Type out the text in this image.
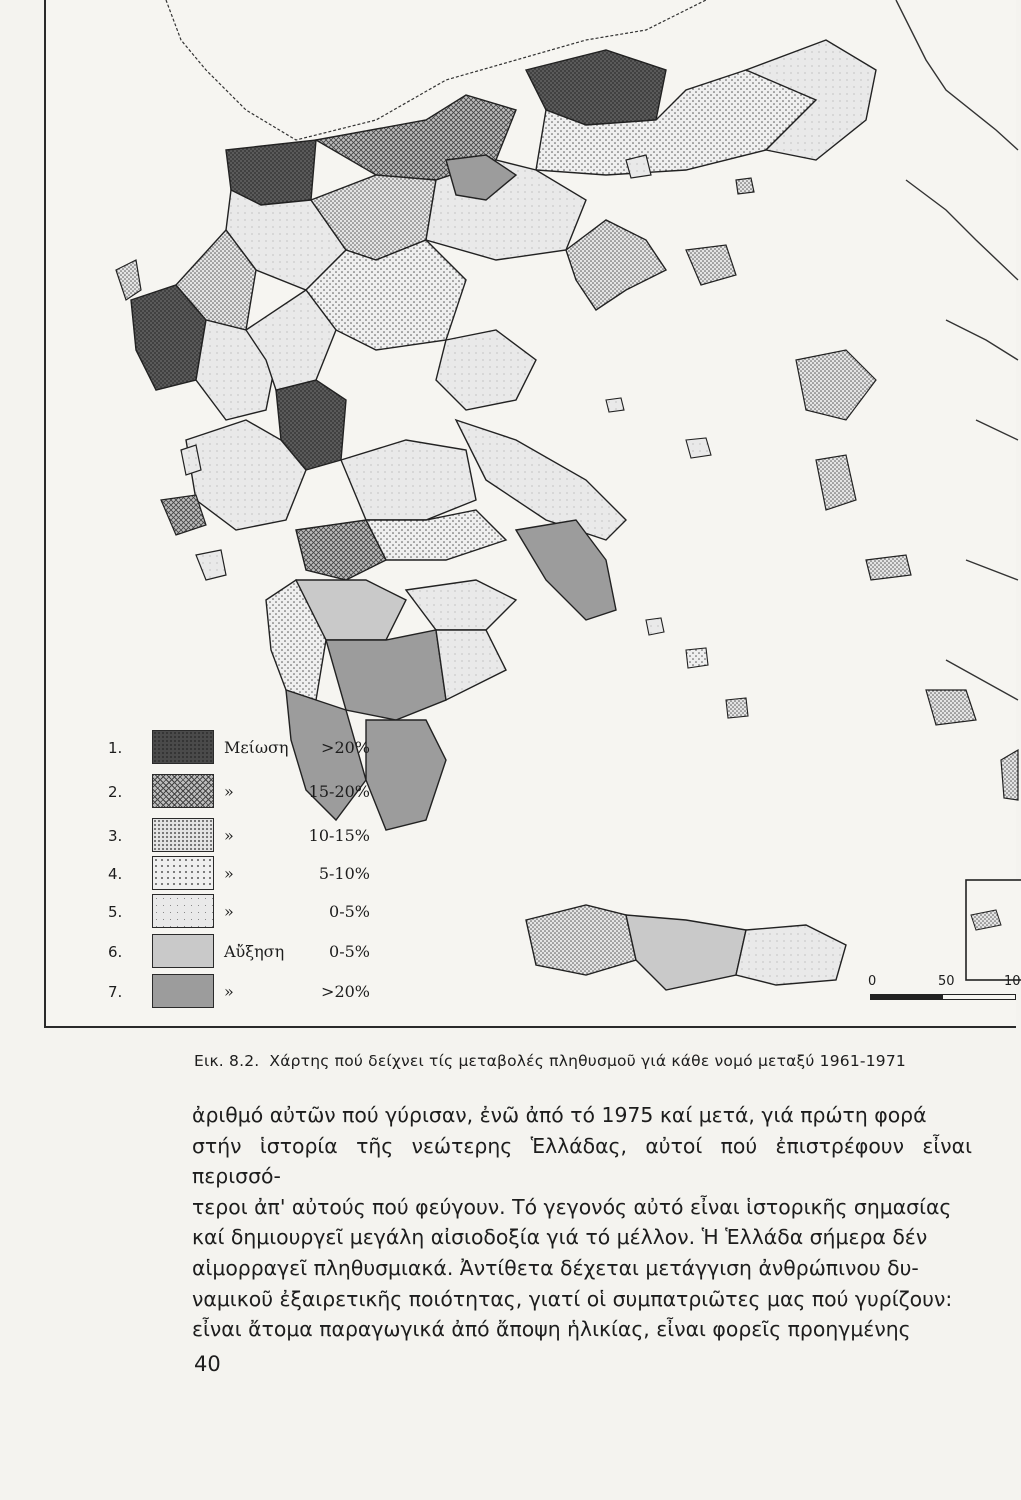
1.	Μείωση	>20%
2.	»	15-20%
3.	»	10-15%
4.	»	5-10%
5.	»	0-5%
6.	Αὔξηση	0-5%
7.	»	>20%
0	50	10
Εικ. 8.2. Χάρτης πού δείχνει τίς μεταβολές πληθυσμοῦ γιά κάθε νομό μεταξύ 1961-1971
ἀριθμό αὐτῶν πού γύρισαν, ἐνῶ ἀπό τό 1975 καί μετά, γιά πρώτη φορά
στήν ἱστορία τῆς νεώτερης Ἑλλάδας, αὐτοί πού ἐπιστρέφουν εἶναι περισσό-
τεροι ἀπ' αὐτούς πού φεύγουν. Τό γεγονός αὐτό εἶναι ἱστορικῆς σημασίας
καί δημιουργεῖ μεγάλη αἰσιοδοξία γιά τό μέλλον. Ἡ Ἑλλάδα σήμερα δέν
αἱμορραγεῖ πληθυσμιακά. Ἀντίθετα δέχεται μετάγγιση ἀνθρώπινου δυ-
ναμικοῦ ἐξαιρετικῆς ποιότητας, γιατί οἱ συμπατριῶτες μας πού γυρίζουν:
εἶναι ἄτομα παραγωγικά ἀπό ἄποψη ἡλικίας, εἶναι φορεῖς προηγμένης
40
